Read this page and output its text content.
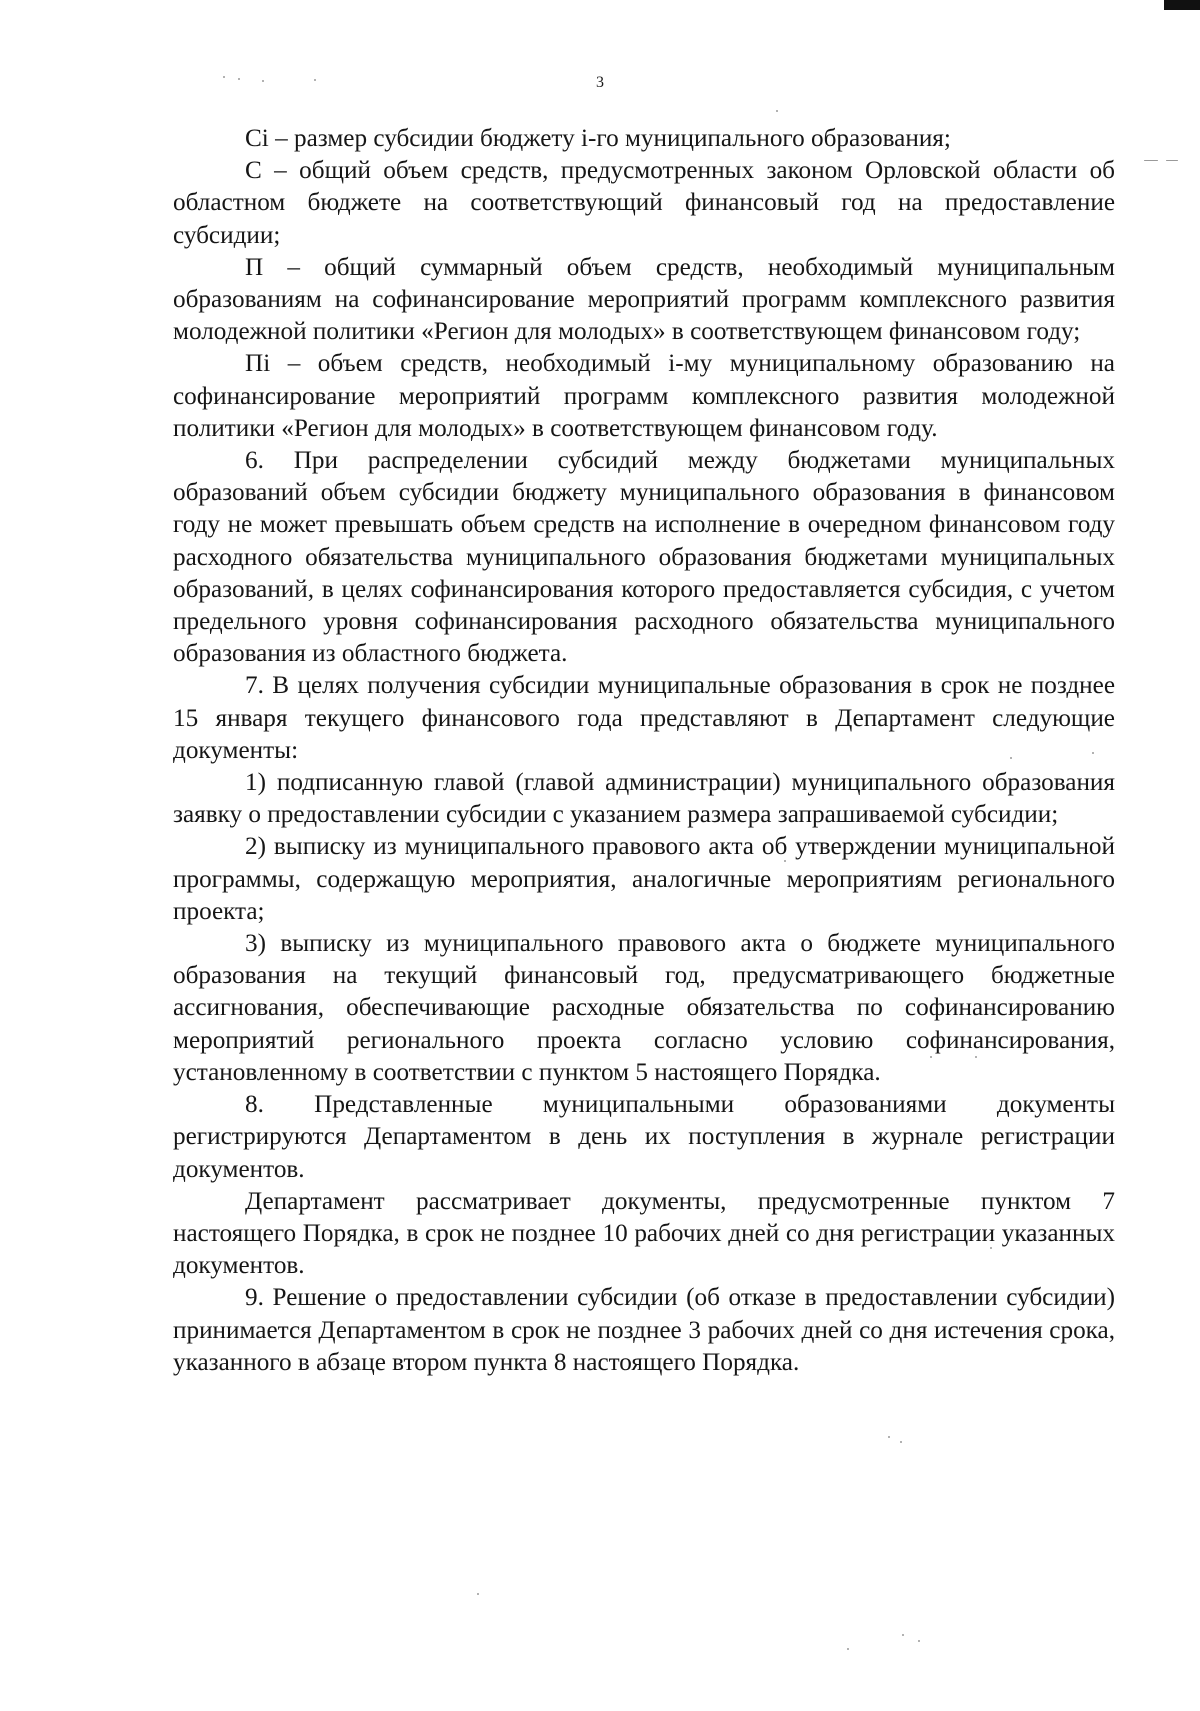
3

Ci – размер субсидии бюджету i-го муниципального образования;

С – общий объем средств, предусмотренных законом Орловской области об областном бюджете на соответствующий финансовый год на предоставление субсидии;

П – общий суммарный объем средств, необходимый муниципальным образованиям на софинансирование мероприятий программ комплексного развития молодежной политики «Регион для молодых» в соответствующем финансовом году;

Пi – объем средств, необходимый i-му муниципальному образованию на софинансирование мероприятий программ комплексного развития молодежной политики «Регион для молодых» в соответствующем финансовом году.

6. При распределении субсидий между бюджетами муниципальных образований объем субсидии бюджету муниципального образования в финансовом году не может превышать объем средств на исполнение в очередном финансовом году расходного обязательства муниципального образования бюджетами муниципальных образований, в целях софинансирования которого предоставляется субсидия, с учетом предельного уровня софинансирования расходного обязательства муниципального образования из областного бюджета.

7. В целях получения субсидии муниципальные образования в срок не позднее 15 января текущего финансового года представляют в Департамент следующие документы:

1) подписанную главой (главой администрации) муниципального образования заявку о предоставлении субсидии с указанием размера запрашиваемой субсидии;

2) выписку из муниципального правового акта об утверждении муниципальной программы, содержащую мероприятия, аналогичные мероприятиям регионального проекта;

3) выписку из муниципального правового акта о бюджете муниципального образования на текущий финансовый год, предусматривающего бюджетные ассигнования, обеспечивающие расходные обязательства по софинансированию мероприятий регионального проекта согласно условию софинансирования, установленному в соответствии с пунктом 5 настоящего Порядка.

8. Представленные муниципальными образованиями документы регистрируются Департаментом в день их поступления в журнале регистрации документов.

Департамент рассматривает документы, предусмотренные пунктом 7 настоящего Порядка, в срок не позднее 10 рабочих дней со дня регистрации указанных документов.

9. Решение о предоставлении субсидии (об отказе в предоставлении субсидии) принимается Департаментом в срок не позднее 3 рабочих дней со дня истечения срока, указанного в абзаце втором пункта 8 настоящего Порядка.
